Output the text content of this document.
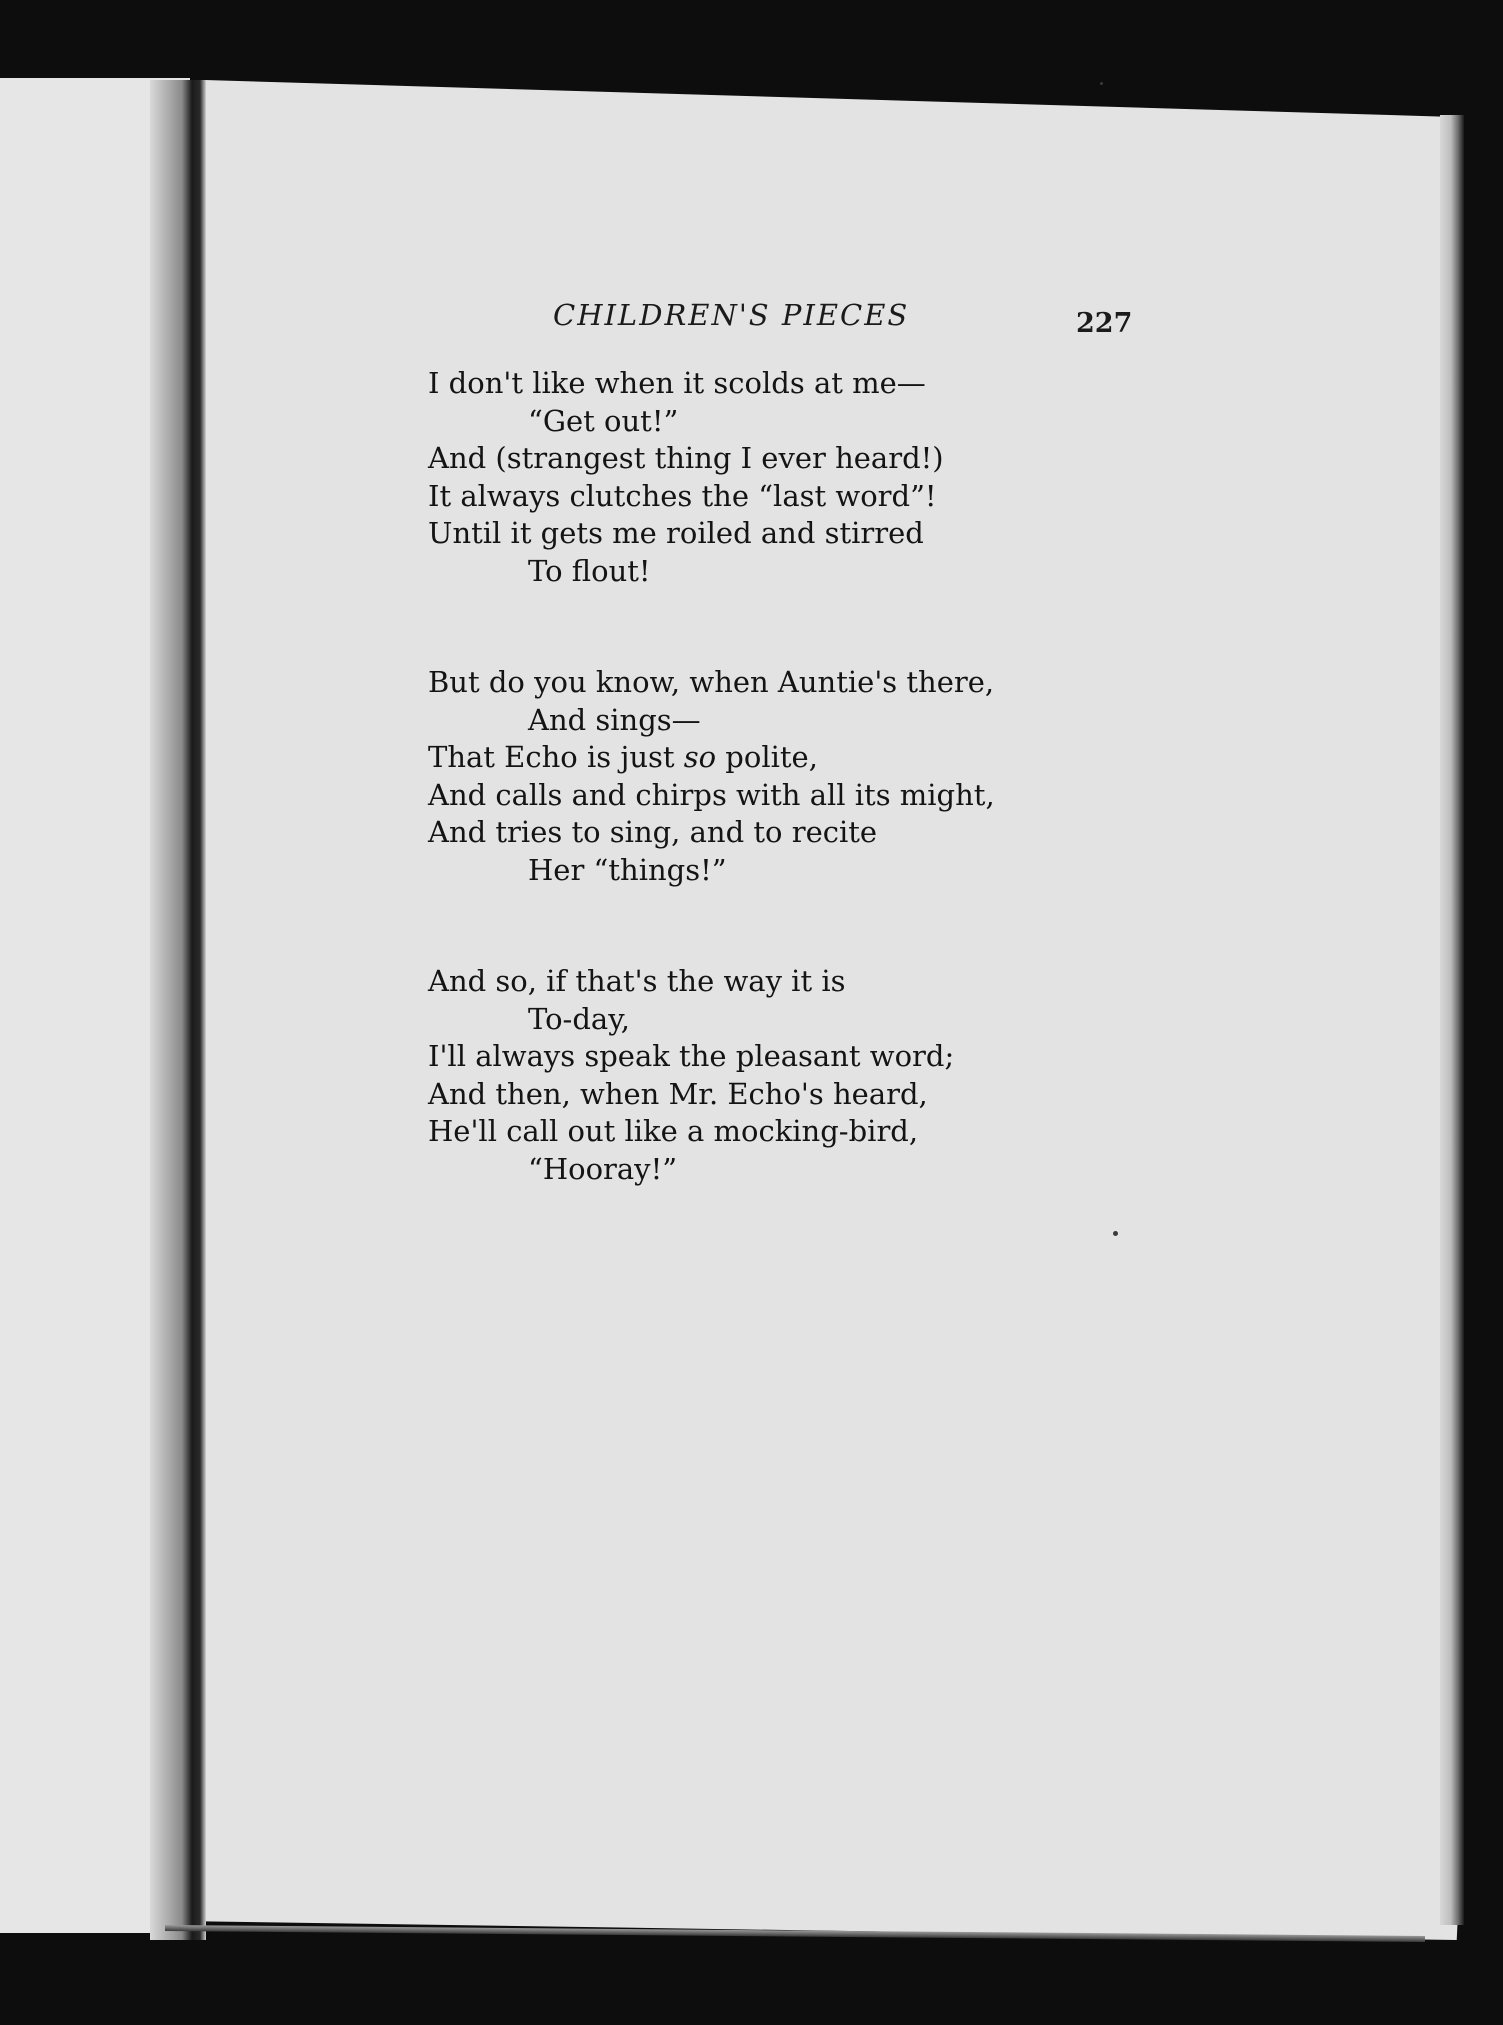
CHILDREN'S PIECES	227
I don't like when it scolds at me—
“Get out!”
And (strangest thing I ever heard!)
It always clutches the “last word”!
Until it gets me roiled and stirred
To flout!
But do you know, when Auntie's there,
And sings—
That Echo is just so polite,
And calls and chirps with all its might,
And tries to sing, and to recite
Her “things!”
And so, if that's the way it is
To-day,
I'll always speak the pleasant word;
And then, when Mr. Echo's heard,
He'll call out like a mocking-bird,
“Hooray!”
